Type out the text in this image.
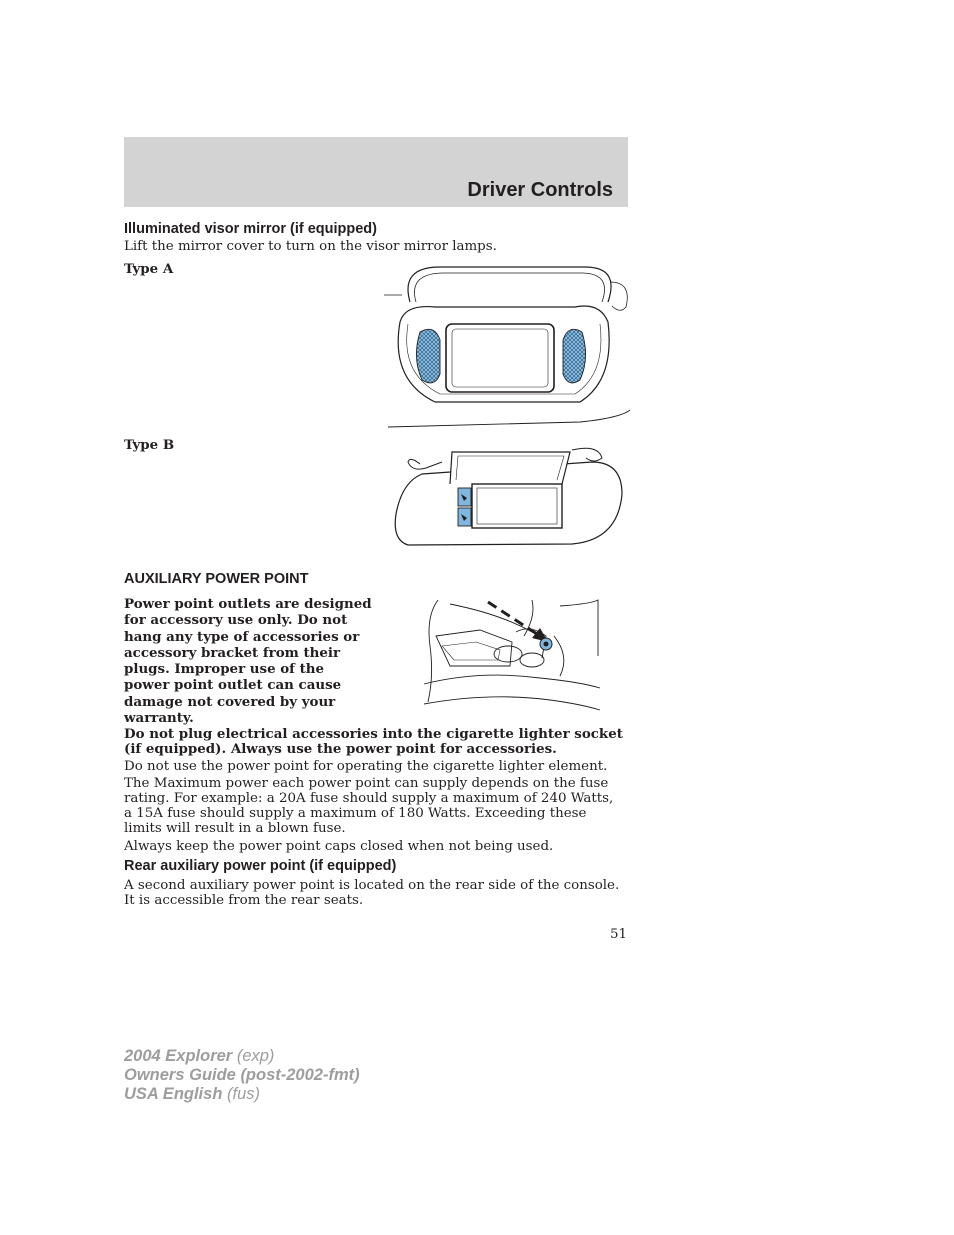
Driver Controls
Illuminated visor mirror (if equipped)
Lift the mirror cover to turn on the visor mirror lamps.
Type A
Type B
AUXILIARY POWER POINT
Power point outlets are designed
for accessory use only. Do not
hang any type of accessories or
accessory bracket from their
plugs. Improper use of the
power point outlet can cause
damage not covered by your
warranty.
Do not plug electrical accessories into the cigarette lighter socket
(if equipped). Always use the power point for accessories.
Do not use the power point for operating the cigarette lighter element.
The Maximum power each power point can supply depends on the fuse
rating. For example: a 20A fuse should supply a maximum of 240 Watts,
a 15A fuse should supply a maximum of 180 Watts. Exceeding these
limits will result in a blown fuse.
Always keep the power point caps closed when not being used.
Rear auxiliary power point (if equipped)
A second auxiliary power point is located on the rear side of the console.
It is accessible from the rear seats.
51
2004 Explorer (exp)
Owners Guide (post-2002-fmt)
USA English (fus)
